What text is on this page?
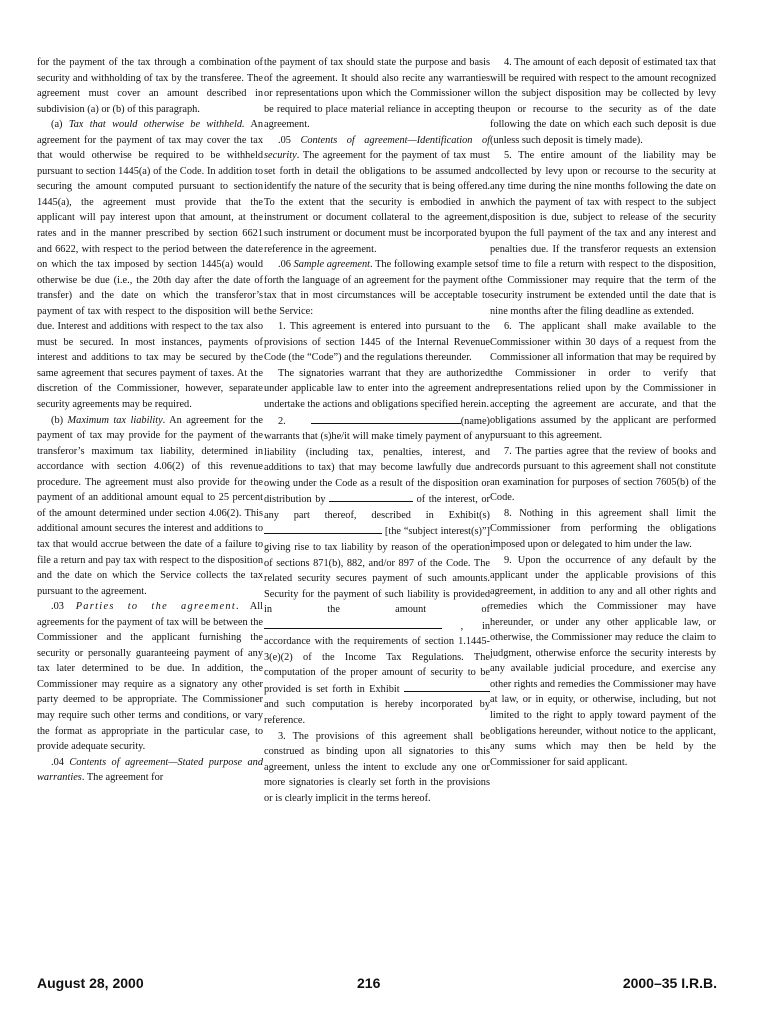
for the payment of the tax through a combination of security and withholding of tax by the transferee. The agreement must cover an amount described in subdivision (a) or (b) of this paragraph.

(a) Tax that would otherwise be withheld. An agreement for the payment of tax may cover the tax that would otherwise be required to be withheld pursuant to section 1445(a) of the Code. In addition to securing the amount computed pursuant to section 1445(a), the agreement must provide that the applicant will pay interest upon that amount, at the rates and in the manner prescribed by section 6621 and 6622, with respect to the period between the date on which the tax imposed by section 1445(a) would otherwise be due (i.e., the 20th day after the date of transfer) and the date on which the transferor’s payment of tax with respect to the disposition will be due. Interest and additions with respect to the tax also must be secured. In most instances, payments of interest and additions to tax may be secured by the same agreement that secures payment of taxes. At the discretion of the Commissioner, however, separate security agreements may be required.

(b) Maximum tax liability. An agreement for the payment of tax may provide for the payment of the transferor’s maximum tax liability, determined in accordance with section 4.06(2) of this revenue procedure. The agreement must also provide for the payment of an additional amount equal to 25 percent of the amount determined under section 4.06(2). This additional amount secures the interest and additions to tax that would accrue between the date of a failure to file a return and pay tax with respect to the disposition and the date on which the Service collects the tax pursuant to the agreement.

.03 Parties to the agreement. All agreements for the payment of tax will be between the Commissioner and the applicant furnishing the security or personally guaranteeing payment of any tax later determined to be due. In addition, the Commissioner may require as a signatory any other party deemed to be appropriate. The Commissioner may require such other terms and conditions, or vary the format as appropriate in the particular case, to provide adequate security.

.04 Contents of agreement—Stated purpose and warranties. The agreement for

the payment of tax should state the purpose and basis of the agreement. It should also recite any warranties or representations upon which the Commissioner will be required to place material reliance in accepting the agreement.

.05 Contents of agreement—Identification of security. The agreement for the payment of tax must set forth in detail the obligations to be assumed and identify the nature of the security that is being offered. To the extent that the security is embodied in an instrument or document collateral to the agreement, such instrument or document must be incorporated by reference in the agreement.

.06 Sample agreement. The following example sets forth the language of an agreement for the payment of tax that in most circumstances will be acceptable to the Service:

1. This agreement is entered into pursuant to the provisions of section 1445 of the Internal Revenue Code (the “Code”) and the regulations thereunder.

The signatories warrant that they are authorized under applicable law to enter into the agreement and undertake the actions and obligations specified herein.

2.	(name) warrants that (s)he/it will make timely payment of any liability (including tax, penalties, interest, and additions to tax) that may become lawfully due and owing under the Code as a result of the disposition or distribution by	of the interest, or any part thereof, described in Exhibit(s)  [the “subject interest(s)”] giving rise to tax liability by reason of the operation of sections 871(b), 882, and/or 897 of the Code. The related security secures payment of such amounts. Security for the payment of such liability is provided in the amount of  , in accordance with the requirements of section 1.1445-3(e)(2) of the Income Tax Regulations. The computation of the proper amount of security to be provided is set forth in Exhibit  and such computation is hereby incorporated by reference.

3. The provisions of this agreement shall be construed as binding upon all signatories to this agreement, unless the intent to exclude any one or more signatories is clearly set forth in the provisions or is clearly implicit in the terms hereof.

4. The amount of each deposit of estimated tax that will be required with respect to the amount recognized on the subject disposition may be collected by levy upon or recourse to the security as of the date following the date on which each such deposit is due (unless such deposit is timely made).

5. The entire amount of the liability may be collected by levy upon or recourse to the security at any time during the nine months following the date on which the payment of tax with respect to the subject disposition is due, subject to release of the security upon the full payment of the tax and any interest and penalties due. If the transferor requests an extension of time to file a return with respect to the disposition, the Commissioner may require that the term of the security instrument be extended until the date that is nine months after the filing deadline as extended.

6. The applicant shall make available to the Commissioner within 30 days of a request from the Commissioner all information that may be required by the Commissioner in order to verify that representations relied upon by the Commissioner in accepting the agreement are accurate, and that the obligations assumed by the applicant are performed pursuant to this agreement.

7. The parties agree that the review of books and records pursuant to this agreement shall not constitute an examination for purposes of section 7605(b) of the Code.

8. Nothing in this agreement shall limit the Commissioner from performing the obligations imposed upon or delegated to him under the law.

9. Upon the occurrence of any default by the applicant under the applicable provisions of this agreement, in addition to any and all other rights and remedies which the Commissioner may have hereunder, or under any other applicable law, or otherwise, the Commissioner may reduce the claim to judgment, otherwise enforce the security interests by any available judicial procedure, and exercise any other rights and remedies the Commissioner may have at law, or in equity, or otherwise, including, but not limited to the right to apply toward payment of the obligations hereunder, without notice to the applicant, any sums which may then be held by the Commissioner for said applicant.

August 28, 2000	216	2000–35 I.R.B.
